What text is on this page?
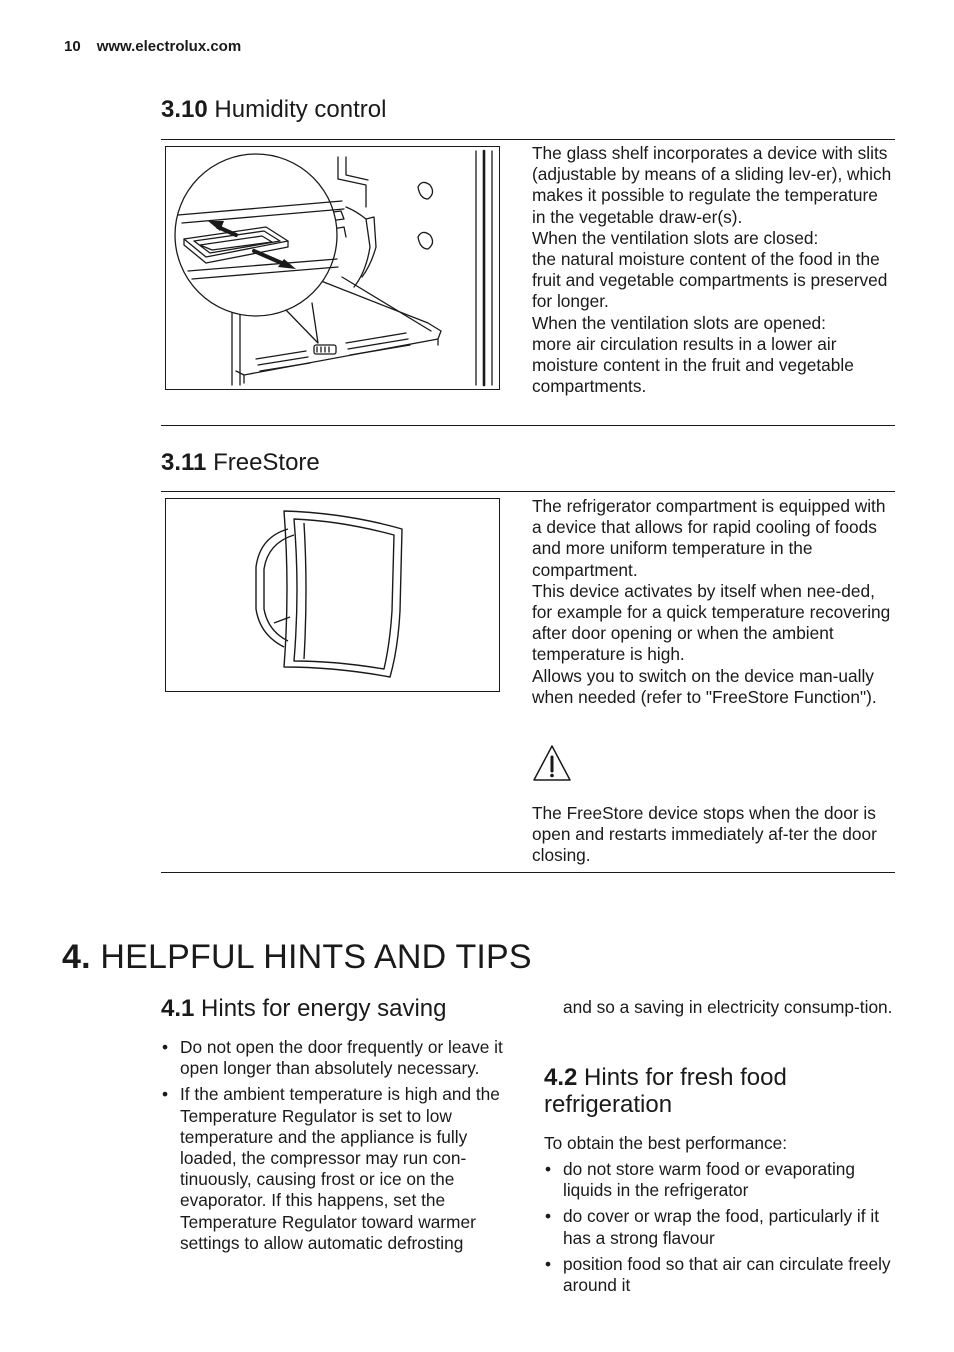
10 www.electrolux.com
3.10 Humidity control

The glass shelf incorporates a device with slits (adjustable by means of a sliding lev-er), which makes it possible to regulate the temperature in the vegetable draw-er(s).

When the ventilation slots are closed:

the natural moisture content of the food in the fruit and vegetable compartments is preserved for longer.

When the ventilation slots are opened:

more air circulation results in a lower air moisture content in the fruit and vegetable compartments.

3.11 FreeStore

The refrigerator compartment is equipped with a device that allows for rapid cooling of foods and more uniform temperature in the compartment.

This device activates by itself when nee-ded, for example for a quick temperature recovering after door opening or when the ambient temperature is high.

Allows you to switch on the device man-ually when needed (refer to "FreeStore Function").

The FreeStore device stops when the door is open and restarts immediately af-ter the door closing.

4. HELPFUL HINTS AND TIPS
4.1 Hints for energy saving
• Do not open the door frequently or leave it open longer than absolutely necessary.
• If the ambient temperature is high and the Temperature Regulator is set to low temperature and the appliance is fully loaded, the compressor may run con-tinuously, causing frost or ice on the evaporator. If this happens, set the Temperature Regulator toward warmer settings to allow automatic defrosting

and so a saving in electricity consump-tion.

4.2 Hints for fresh food
refrigeration

To obtain the best performance:

• do not store warm food or evaporating liquids in the refrigerator
• do cover or wrap the food, particularly if it has a strong flavour
• position food so that air can circulate freely around it
